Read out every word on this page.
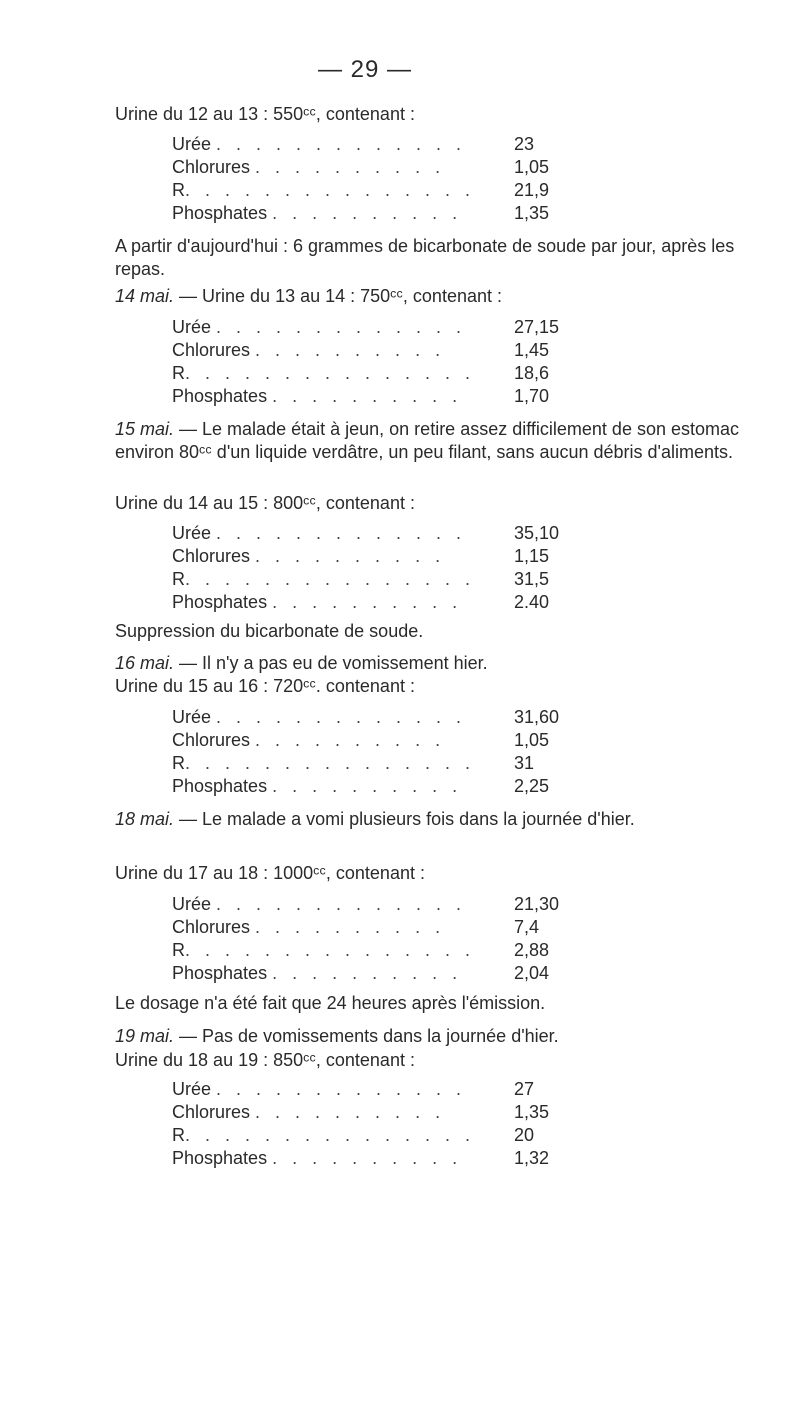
— 29 —
Urine du 12 au 13 : 550ᶜᶜ, contenant :
Urée . . . . . . . . . . . . .	23
Chlorures . . . . . . . . . .	1,05
R. . . . . . . . . . . . . . . 21,9
Phosphates . . . . . . . . . .	1,35
A partir d'aujourd'hui : 6 grammes de bicarbonate de soude par jour, après les repas.
14 mai. — Urine du 13 au 14 : 750ᶜᶜ, contenant :
Urée . . . . . . . . . . . . .	27,15
Chlorures . . . . . . . . . .	1,45
R. . . . . . . . . . . . . . . 18,6
Phosphates . . . . . . . . . .	1,70
15 mai. — Le malade était à jeun, on retire assez difficilement de son estomac environ 80ᶜᶜ d'un liquide verdâtre, un peu filant, sans aucun débris d'aliments.
Urine du 14 au 15 : 800ᶜᶜ, contenant :
Urée . . . . . . . . . . . . .	35,10
Chlorures . . . . . . . . . .	1,15
R. . . . . . . . . . . . . . . 31,5
Phosphates . . . . . . . . . .	2.40
Suppression du bicarbonate de soude.
16 mai. — Il n'y a pas eu de vomissement hier.
Urine du 15 au 16 : 720ᶜᶜ. contenant :
Urée . . . . . . . . . . . . .	31,60
Chlorures . . . . . . . . . .	1,05
R. . . . . . . . . . . . . . . 31
Phosphates . . . . . . . . . .	2,25
18 mai. — Le malade a vomi plusieurs fois dans la journée d'hier.
Urine du 17 au 18 : 1000ᶜᶜ, contenant :
Urée . . . . . . . . . . . . .	21,30
Chlorures . . . . . . . . . .	7,4
R. . . . . . . . . . . . . . . 2,88
Phosphates . . . . . . . . . .	2,04
Le dosage n'a été fait que 24 heures après l'émission.
19 mai. — Pas de vomissements dans la journée d'hier.
Urine du 18 au 19 : 850ᶜᶜ, contenant :
Urée . . . . . . . . . . . . .	27
Chlorures . . . . . . . . . .	1,35
R. . . . . . . . . . . . . . . 20
Phosphates . . . . . . . . . .	1,32
